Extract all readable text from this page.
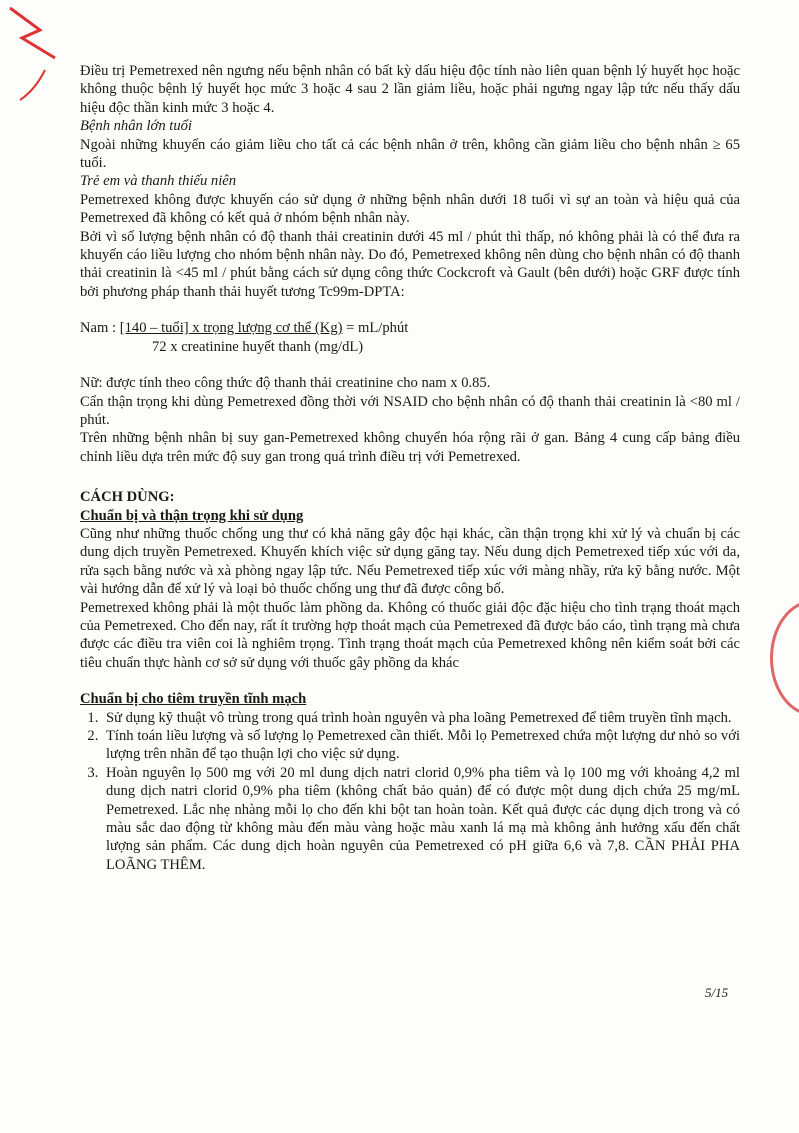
Điều trị Pemetrexed nên ngưng nếu bệnh nhân có bất kỳ dấu hiệu độc tính nào liên quan bệnh lý huyết học hoặc không thuộc bệnh lý huyết học mức 3 hoặc 4 sau 2 lần giảm liều, hoặc phải ngưng ngay lập tức nếu thấy dấu hiệu độc thần kinh mức 3 hoặc 4.

Bệnh nhân lớn tuổi

Ngoài những khuyến cáo giảm liều cho tất cả các bệnh nhân ở trên, không cần giảm liều cho bệnh nhân ≥ 65 tuổi.

Trẻ em và thanh thiếu niên

Pemetrexed không được khuyến cáo sử dụng ở những bệnh nhân dưới 18 tuổi vì sự an toàn và hiệu quả của Pemetrexed đã không có kết quả ở nhóm bệnh nhân này.

Bởi vì số lượng bệnh nhân có độ thanh thải creatinin dưới 45 ml / phút thì thấp, nó không phải là có thể đưa ra khuyến cáo liều lượng cho nhóm bệnh nhân này. Do đó, Pemetrexed không nên dùng cho bệnh nhân có độ thanh thải creatinin là <45 ml / phút bằng cách sử dụng công thức Cockcroft và Gault (bên dưới) hoặc GRF được tính bởi phương pháp thanh thải huyết tương Tc99m-DPTA:

Nam : [140 – tuổi] x trọng lượng cơ thể (Kg) = mL/phút
72 x creatinine huyết thanh (mg/dL)

Nữ: được tính theo công thức độ thanh thải creatinine cho nam x 0.85.

Cẩn thận trọng khi dùng Pemetrexed đồng thời với NSAID cho bệnh nhân có độ thanh thải creatinin là <80 ml / phút.

Trên những bệnh nhân bị suy gan-Pemetrexed không chuyển hóa rộng rãi ở gan. Bảng 4 cung cấp bảng điều chỉnh liều dựa trên mức độ suy gan trong quá trình điều trị với Pemetrexed.

CÁCH DÙNG:

Chuẩn bị và thận trọng khi sử dụng

Cũng như những thuốc chống ung thư có khả năng gây độc hại khác, cần thận trọng khi xử lý và chuẩn bị các dung dịch truyền Pemetrexed. Khuyến khích việc sử dụng găng tay. Nếu dung dịch Pemetrexed tiếp xúc với da, rửa sạch bằng nước và xà phòng ngay lập tức. Nếu Pemetrexed tiếp xúc với màng nhầy, rửa kỹ bằng nước. Một vài hướng dẫn để xử lý và loại bỏ thuốc chống ung thư đã được công bố.

Pemetrexed không phải là một thuốc làm phồng da. Không có thuốc giải độc đặc hiệu cho tình trạng thoát mạch của Pemetrexed. Cho đến nay, rất ít trường hợp thoát mạch của Pemetrexed đã được báo cáo, tình trạng mà chưa được các điều tra viên coi là nghiêm trọng. Tình trạng thoát mạch của Pemetrexed không nên kiểm soát bởi các tiêu chuẩn thực hành cơ sở sử dụng với thuốc gây phồng da khác

Chuẩn bị cho tiêm truyền tĩnh mạch

1. Sử dụng kỹ thuật vô trùng trong quá trình hoàn nguyên và pha loãng Pemetrexed để tiêm truyền tĩnh mạch.
2. Tính toán liều lượng và số lượng lọ Pemetrexed cần thiết. Mỗi lọ Pemetrexed chứa một lượng dư nhỏ so với lượng trên nhãn để tạo thuận lợi cho việc sử dụng.
3. Hoàn nguyên lọ 500 mg với 20 ml dung dịch natri clorid 0,9% pha tiêm và lọ 100 mg với khoảng 4,2 ml dung dịch natri clorid 0,9% pha tiêm (không chất bảo quản) để có được một dung dịch chứa 25 mg/mL Pemetrexed. Lắc nhẹ nhàng mỗi lọ cho đến khi bột tan hoàn toàn. Kết quả được các dụng dịch trong và có màu sắc dao động từ không màu đến màu vàng hoặc màu xanh lá mạ mà không ảnh hưởng xấu đến chất lượng sản phẩm. Các dung dịch hoàn nguyên của Pemetrexed có pH giữa 6,6 và 7,8. CẦN PHẢI PHA LOÃNG THÊM.
5/15
